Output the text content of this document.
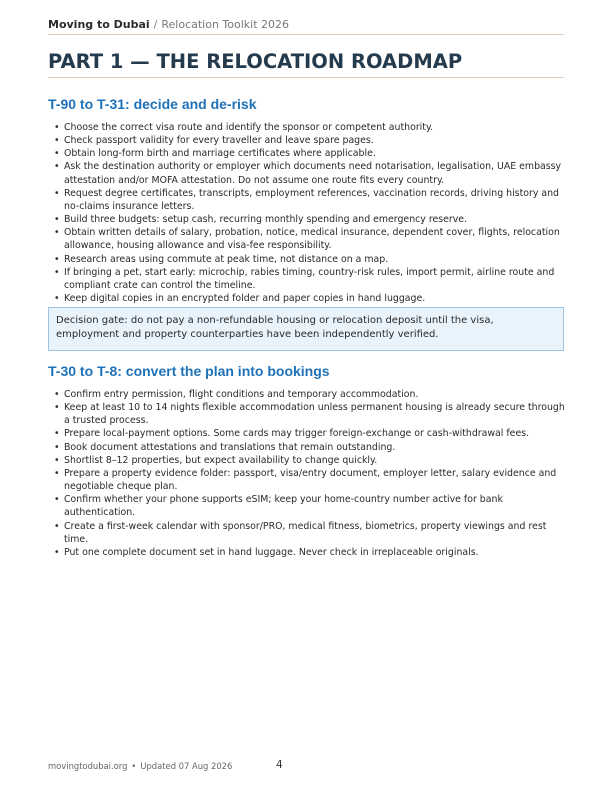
Moving to Dubai / Relocation Toolkit 2026
PART 1 — THE RELOCATION ROADMAP
T-90 to T-31: decide and de-risk
• Choose the correct visa route and identify the sponsor or competent authority.
• Check passport validity for every traveller and leave spare pages.
• Obtain long-form birth and marriage certificates where applicable.
• Ask the destination authority or employer which documents need notarisation, legalisation, UAE embassy attestation and/or MOFA attestation. Do not assume one route fits every country.
• Request degree certificates, transcripts, employment references, vaccination records, driving history and no-claims insurance letters.
• Build three budgets: setup cash, recurring monthly spending and emergency reserve.
• Obtain written details of salary, probation, notice, medical insurance, dependent cover, flights, relocation allowance, housing allowance and visa-fee responsibility.
• Research areas using commute at peak time, not distance on a map.
• If bringing a pet, start early: microchip, rabies timing, country-risk rules, import permit, airline route and compliant crate can control the timeline.
• Keep digital copies in an encrypted folder and paper copies in hand luggage.
Decision gate: do not pay a non-refundable housing or relocation deposit until the visa, employment and property counterparties have been independently verified.
T-30 to T-8: convert the plan into bookings
• Confirm entry permission, flight conditions and temporary accommodation.
• Keep at least 10 to 14 nights flexible accommodation unless permanent housing is already secure through a trusted process.
• Prepare local-payment options. Some cards may trigger foreign-exchange or cash-withdrawal fees.
• Book document attestations and translations that remain outstanding.
• Shortlist 8–12 properties, but expect availability to change quickly.
• Prepare a property evidence folder: passport, visa/entry document, employer letter, salary evidence and negotiable cheque plan.
• Confirm whether your phone supports eSIM; keep your home-country number active for bank authentication.
• Create a first-week calendar with sponsor/PRO, medical fitness, biometrics, property viewings and rest time.
• Put one complete document set in hand luggage. Never check in irreplaceable originals.
movingtodubai.org • Updated 07 Aug 2026	4
